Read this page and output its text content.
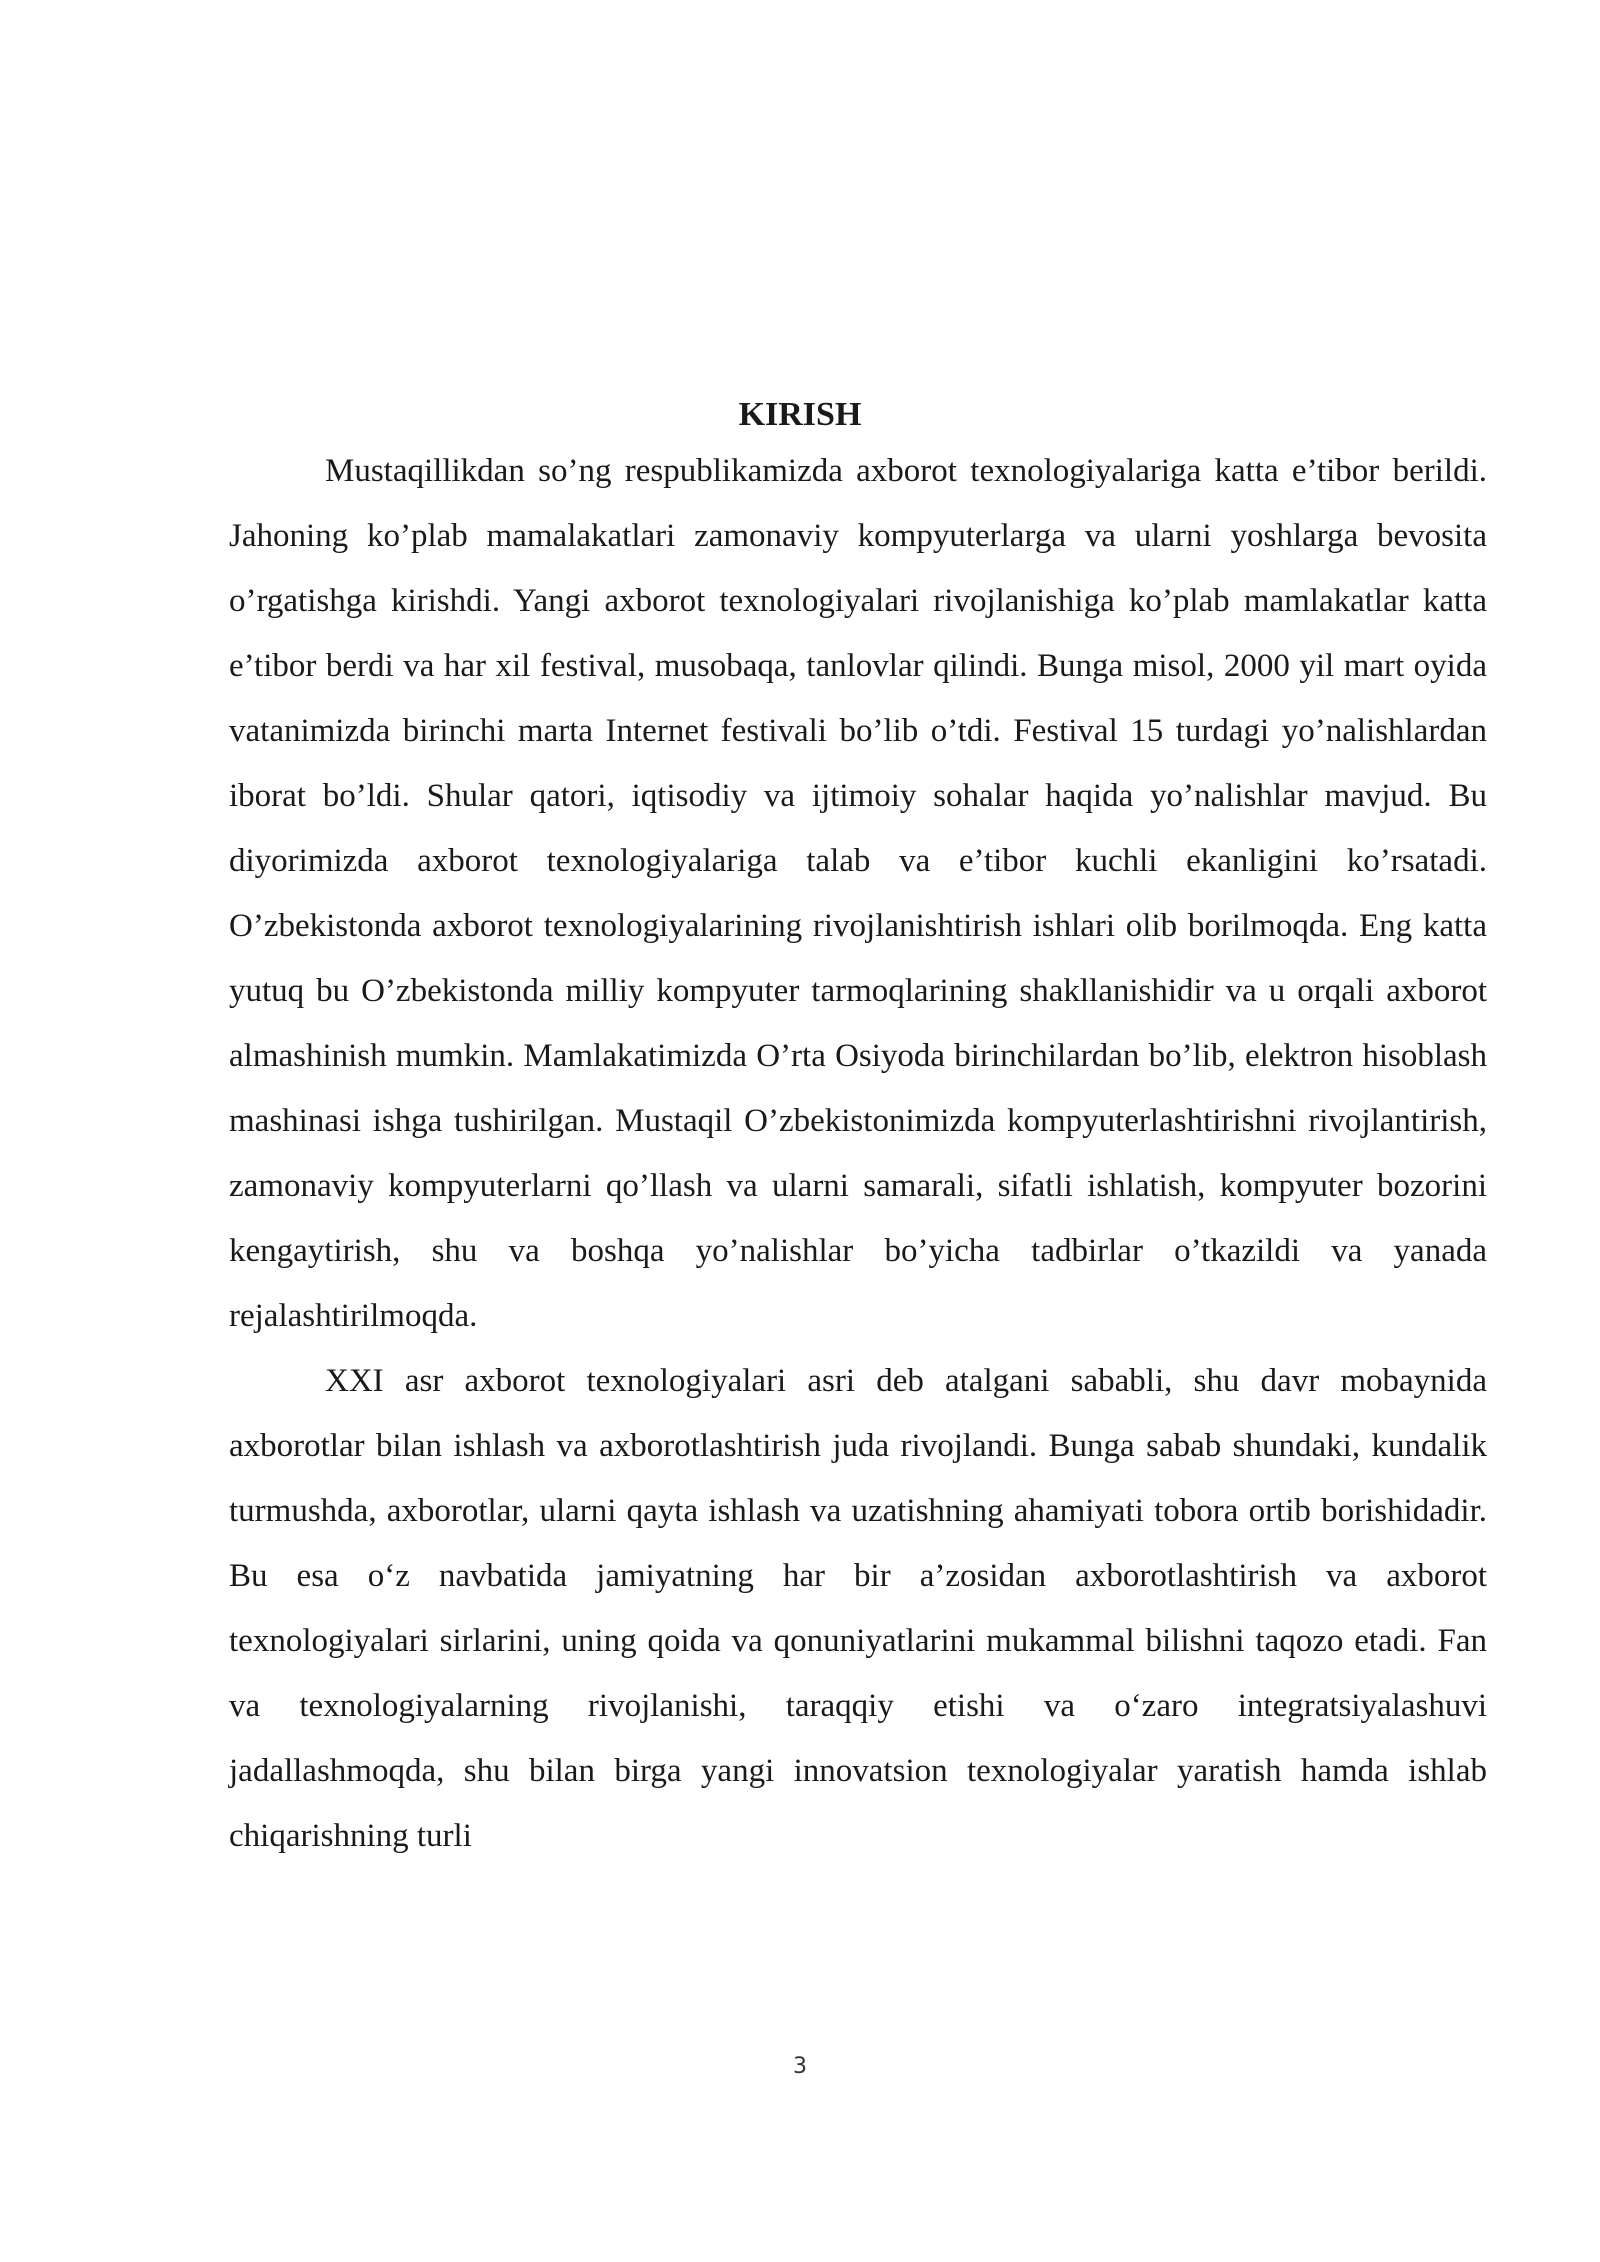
KIRISH

Mustaqillikdan so’ng respublikamizda axborot texnologiyalariga katta e’tibor berildi. Jahoning ko’plab mamalakatlari zamonaviy kompyuterlarga va ularni yoshlarga bevosita o’rgatishga kirishdi. Yangi axborot texnologiyalari rivojlanishiga ko’plab mamlakatlar katta e’tibor berdi va har xil festival, musobaqa, tanlovlar qilindi. Bunga misol, 2000 yil mart oyida vatanimizda birinchi marta Internet festivali bo’lib o’tdi. Festival 15 turdagi yo’nalishlardan iborat bo’ldi. Shular qatori, iqtisodiy va ijtimoiy sohalar haqida yo’nalishlar mavjud. Bu diyorimizda axborot texnologiyalariga talab va e’tibor kuchli ekanligini ko’rsatadi. O’zbekistonda axborot texnologiyalarining rivojlanishtirish ishlari olib borilmoqda. Eng katta yutuq bu O’zbekistonda milliy kompyuter tarmoqlarining shakllanishidir va u orqali axborot almashinish mumkin. Mamlakatimizda O’rta Osiyoda birinchilardan bo’lib, elektron hisoblash mashinasi ishga tushirilgan. Mustaqil O’zbekistonimizda kompyuterlashtirishni rivojlantirish, zamonaviy kompyuterlarni qo’llash va ularni samarali, sifatli ishlatish, kompyuter bozorini kengaytirish, shu va boshqa yo’nalishlar bo’yicha tadbirlar o’tkazildi va yanada rejalashtirilmoqda.

XXI asr axborot texnologiyalari asri deb atalgani sababli, shu davr mobaynida axborotlar bilan ishlash va axborotlashtirish juda rivojlandi. Bunga sabab shundaki, kundalik turmushda, axborotlar, ularni qayta ishlash va uzatishning ahamiyati tobora ortib borishidadir. Bu esa o‘z navbatida jamiyatning har bir a’zosidan axborotlashtirish va axborot texnologiyalari sirlarini, uning qoida va qonuniyatlarini mukammal bilishni taqozo etadi. Fan va texnologiyalarning rivojlanishi, taraqqiy etishi va o‘zaro integratsiyalashuvi jadallashmoqda, shu bilan birga yangi innovatsion texnologiyalar yaratish hamda ishlab chiqarishning turli

3
